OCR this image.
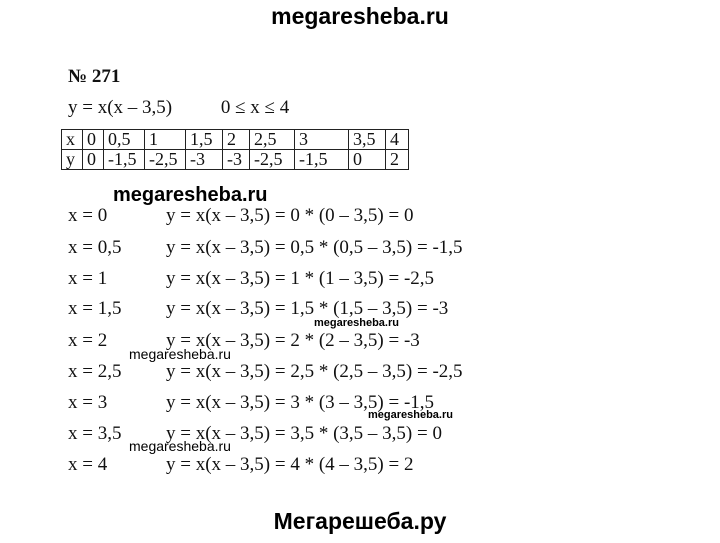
megaresheba.ru
№ 271
y = x(x – 3,5)	0 ≤ x ≤ 4
x	0	0,5	1	1,5	2	2,5	3	3,5	4
y	0	-1,5	-2,5	-3	-3	-2,5	-1,5	0	2
megaresheba.ru
x = 0	y = x(x – 3,5) = 0 * (0 – 3,5) = 0
x = 0,5 y = x(x – 3,5) = 0,5 * (0,5 – 3,5) = -1,5
x = 1	y = x(x – 3,5) = 1 * (1 – 3,5) = -2,5
x = 1,5 y = x(x – 3,5) = 1,5 * (1,5 – 3,5) = -3
megaresheba.ru
x = 2	y = x(x – 3,5) = 2 * (2 – 3,5) = -3
megaresheba.ru
x = 2,5 y = x(x – 3,5) = 2,5 * (2,5 – 3,5) = -2,5
x = 3	y = x(x – 3,5) = 3 * (3 – 3,5) = -1,5
megaresheba.ru
x = 3,5 y = x(x – 3,5) = 3,5 * (3,5 – 3,5) = 0
megaresheba.ru
x = 4	y = x(x – 3,5) = 4 * (4 – 3,5) = 2
Мегарешеба.ру
